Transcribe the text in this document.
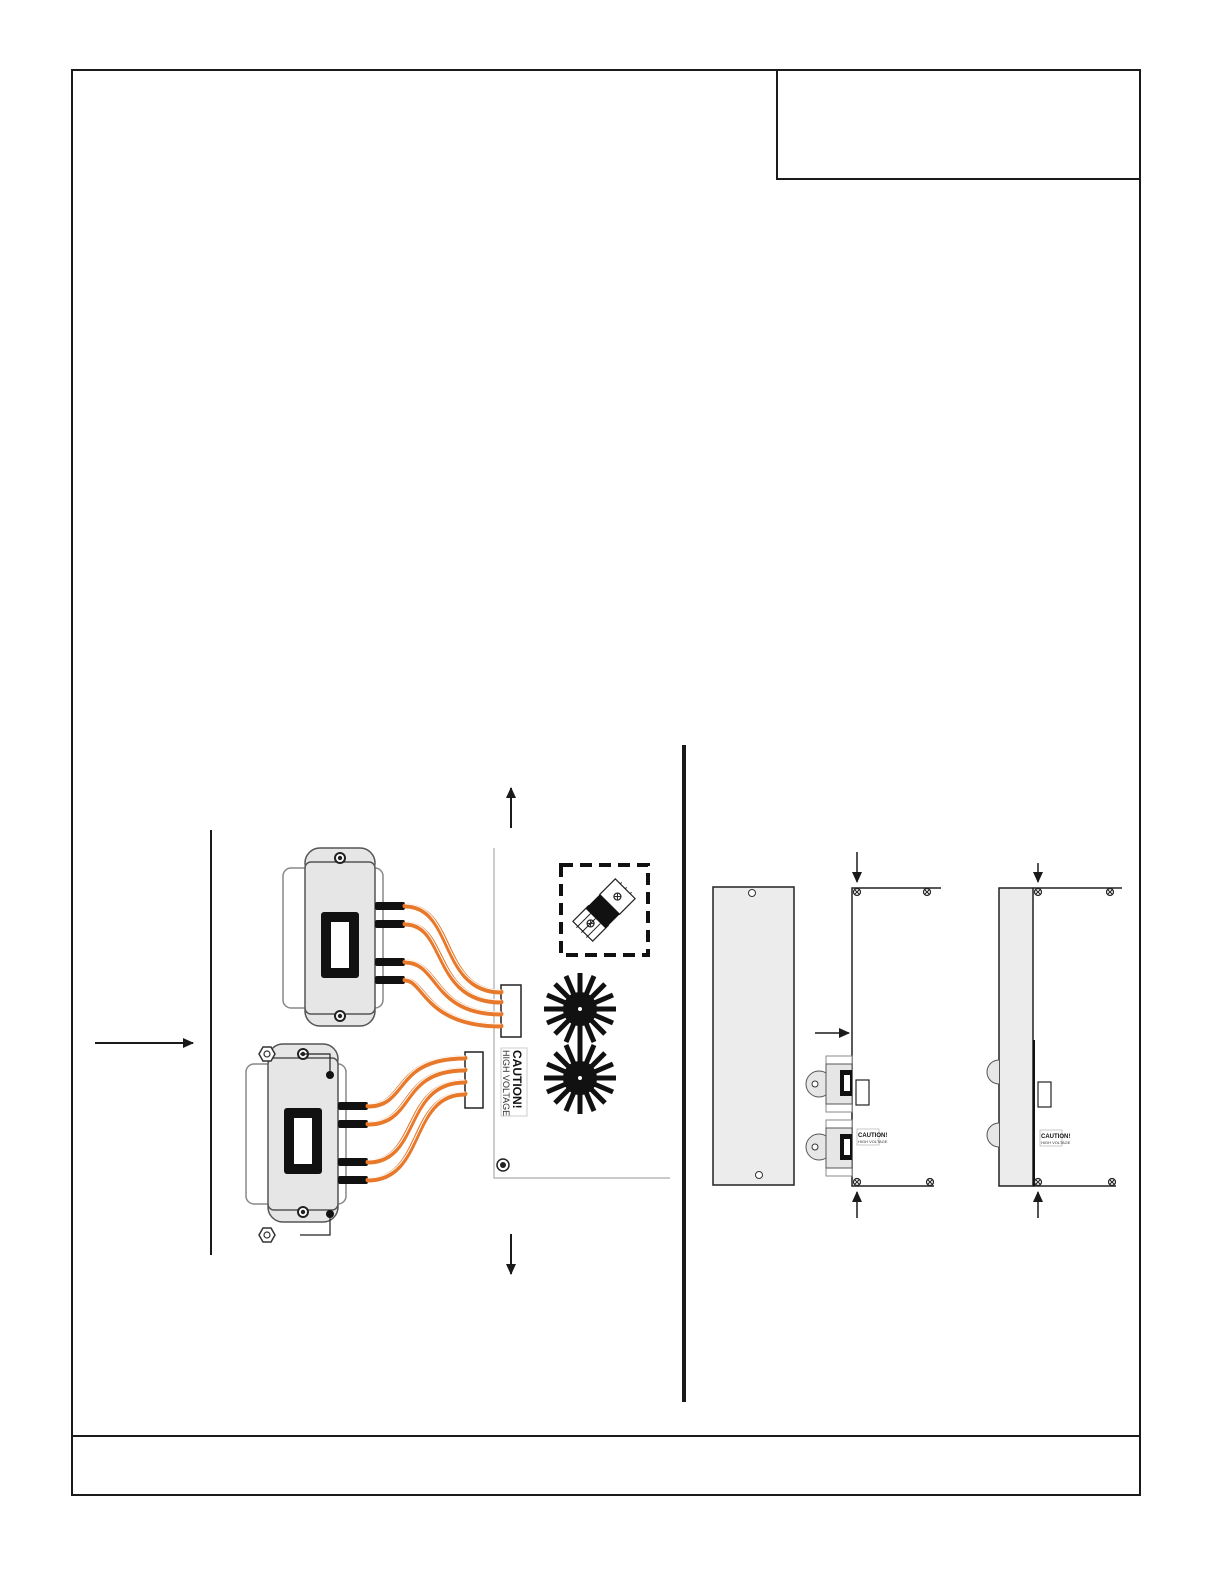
CAUTION!
HIGH VOLTAGE
CAUTION!
HIGH VOLTAGE
CAUTION!
HIGH VOLTAGE
